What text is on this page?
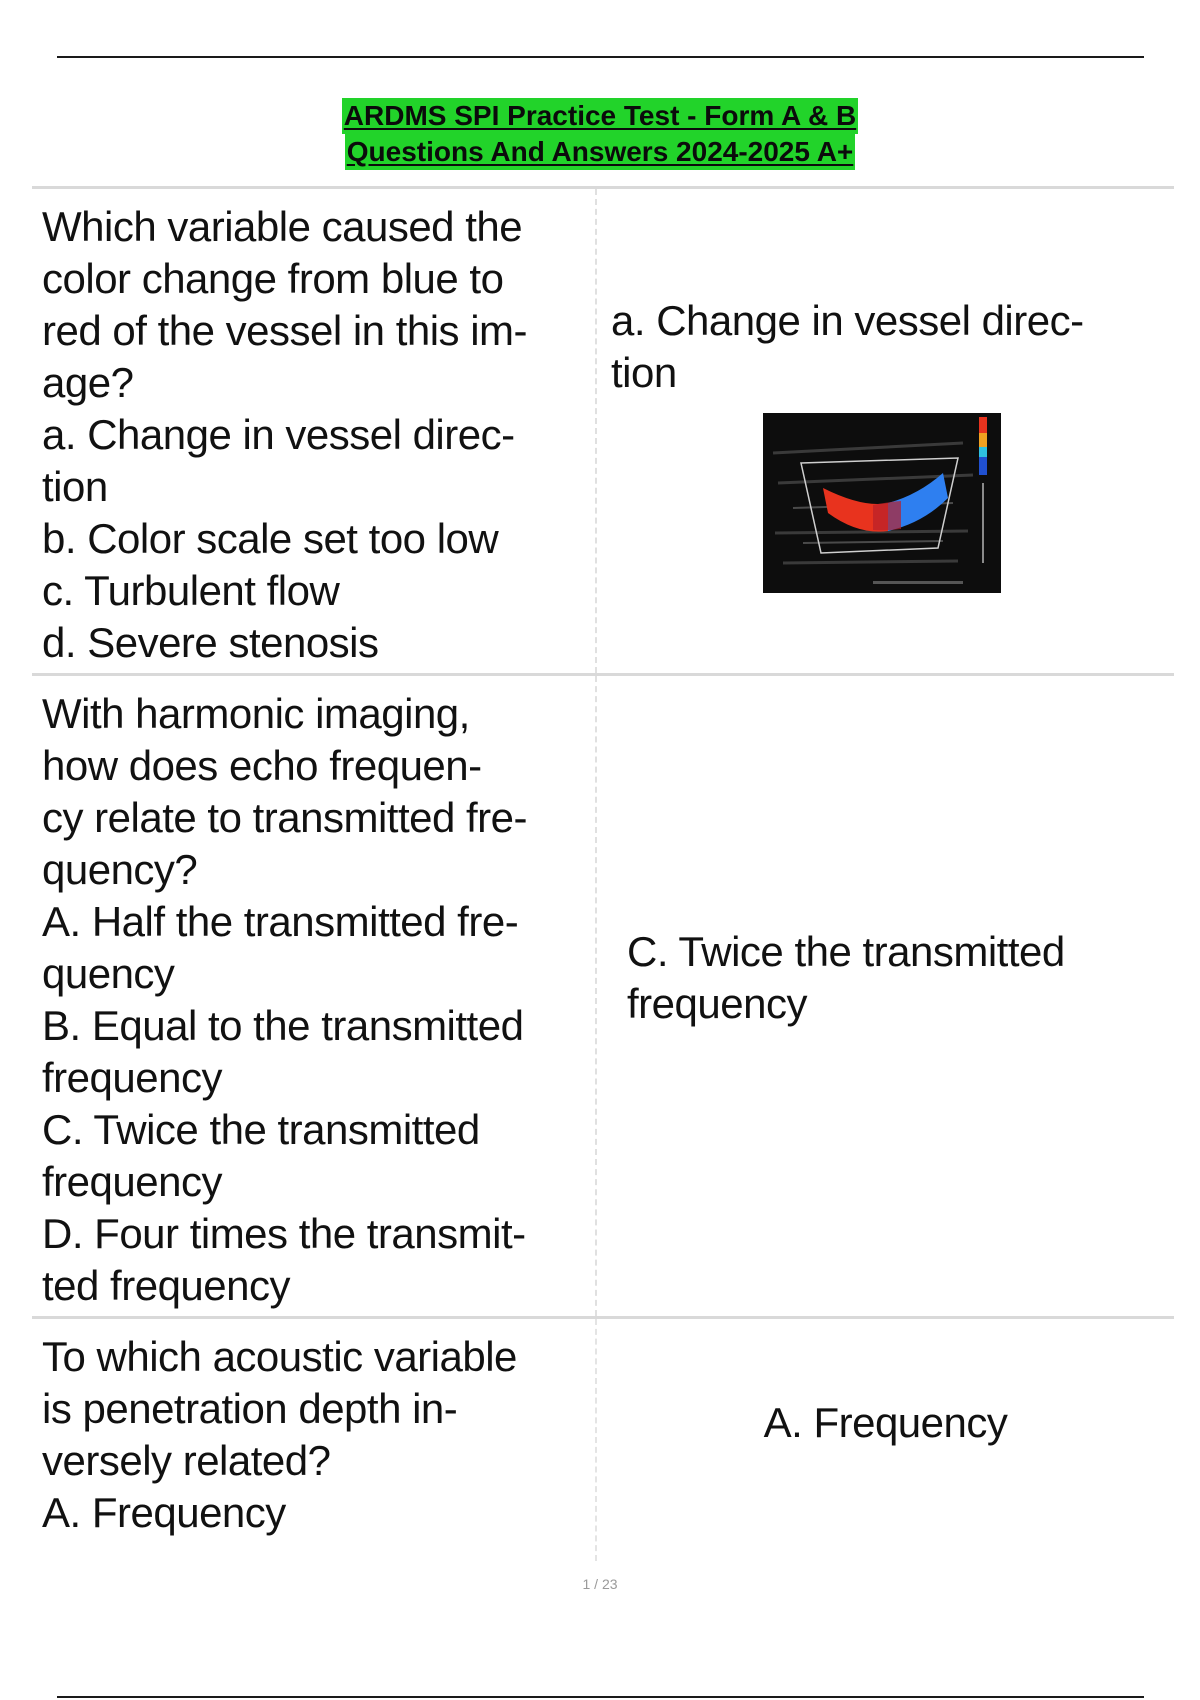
ARDMS SPI Practice Test - Form A & B
Questions And Answers 2024-2025 A+
Which variable caused the
color change from blue to
red of the vessel in this im-
age?
a. Change in vessel direc-
tion
b. Color scale set too low
c. Turbulent flow
d. Severe stenosis
a. Change in vessel direc-
tion
With harmonic imaging,
how does echo frequen-
cy relate to transmitted fre-
quency?
A. Half the transmitted fre-
quency
B. Equal to the transmitted
frequency
C. Twice the transmitted
frequency
D. Four times the transmit-
ted frequency
C. Twice the transmitted
frequency
To which acoustic variable
is penetration depth in-
versely related?
A. Frequency
A. Frequency
1 / 23
